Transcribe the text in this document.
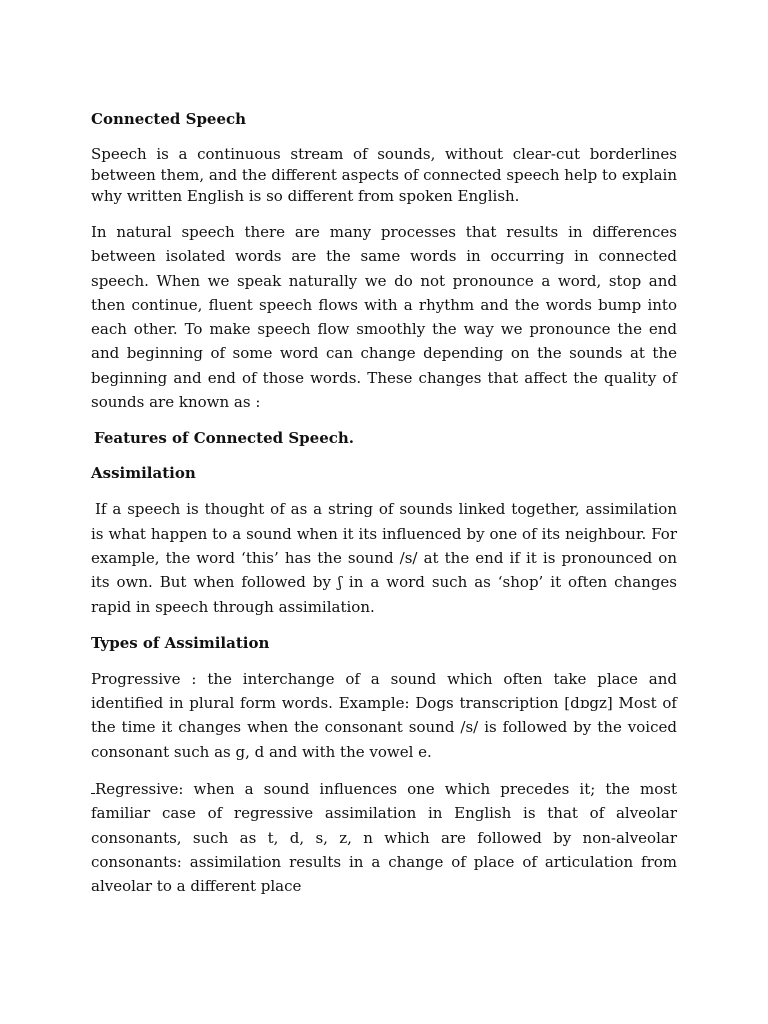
Connected Speech

Speech is a continuous stream of sounds, without clear-cut borderlines between them, and the different aspects of connected speech help to explain why written English is so different from spoken English.

In natural speech there are many processes that results in differences between isolated words are the same words in occurring in connected speech. When we speak naturally we do not pronounce a word, stop and then continue, fluent speech flows with a rhythm and the words bump into each other. To make speech flow smoothly the way we pronounce the end and beginning of some word can change depending on the sounds at the beginning and end of those words. These changes that affect the quality of sounds are known as :

Features of Connected Speech.
Assimilation

If a speech is thought of as a string of sounds linked together, assimilation is what happen to a sound when it its influenced by one of its neighbour. For example, the word ‘this’ has the sound /s/ at the end if it is pronounced on its own. But when followed by ʃ in a word such as ‘shop’ it often changes rapid in speech through assimilation.

Types of Assimilation

Progressive : the interchange of a sound which often take place and identified in plural form words. Example: Dogs transcription [dɒgz] Most of the time it changes when the consonant sound /s/ is followed by the voiced consonant such as g, d and with the vowel e.

Regressive: when a sound influences one which precedes it; the most familiar case of regressive assimilation in English is that of alveolar consonants, such as t, d, s, z, n which are followed by non-alveolar consonants: assimilation results in a change of place of articulation from alveolar to a different place
